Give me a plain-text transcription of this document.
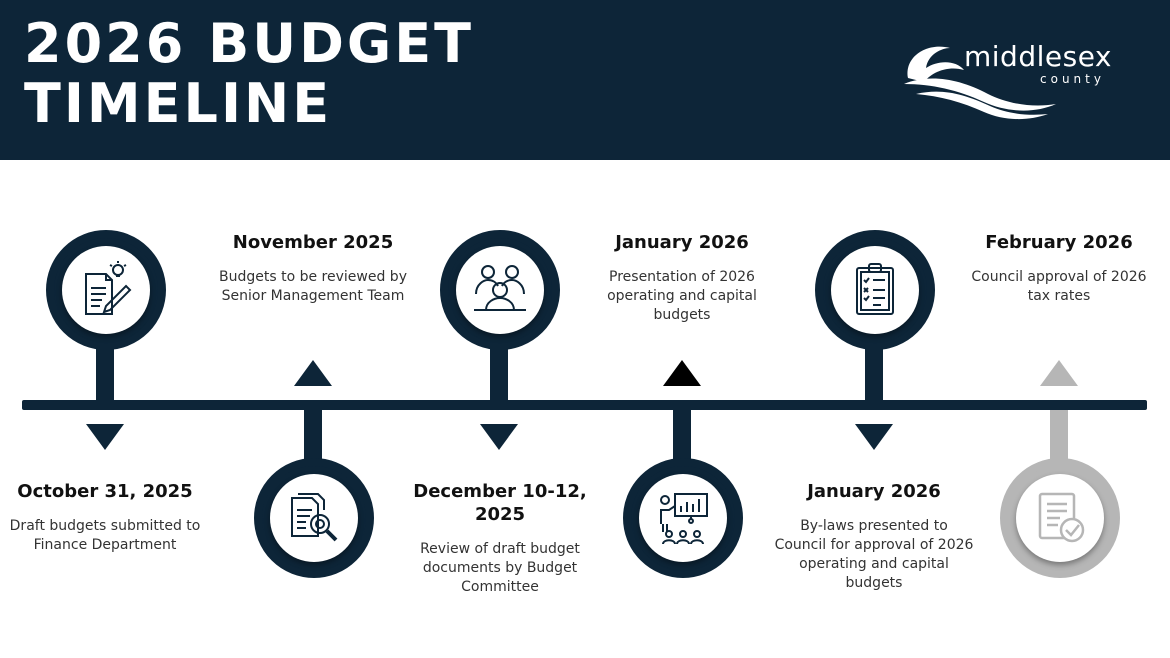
2026 BUDGET
TIMELINE
middlesex
county
October 31, 2025
Draft budgets submitted to Finance Department
November 2025
Budgets to be reviewed by Senior Management Team
December 10-12, 2025
Review of draft budget documents by Budget Committee
January 2026
Presentation of 2026 operating and capital budgets
January 2026
By-laws presented to Council for approval of 2026 operating and capital budgets
February 2026
Council approval of 2026 tax rates
